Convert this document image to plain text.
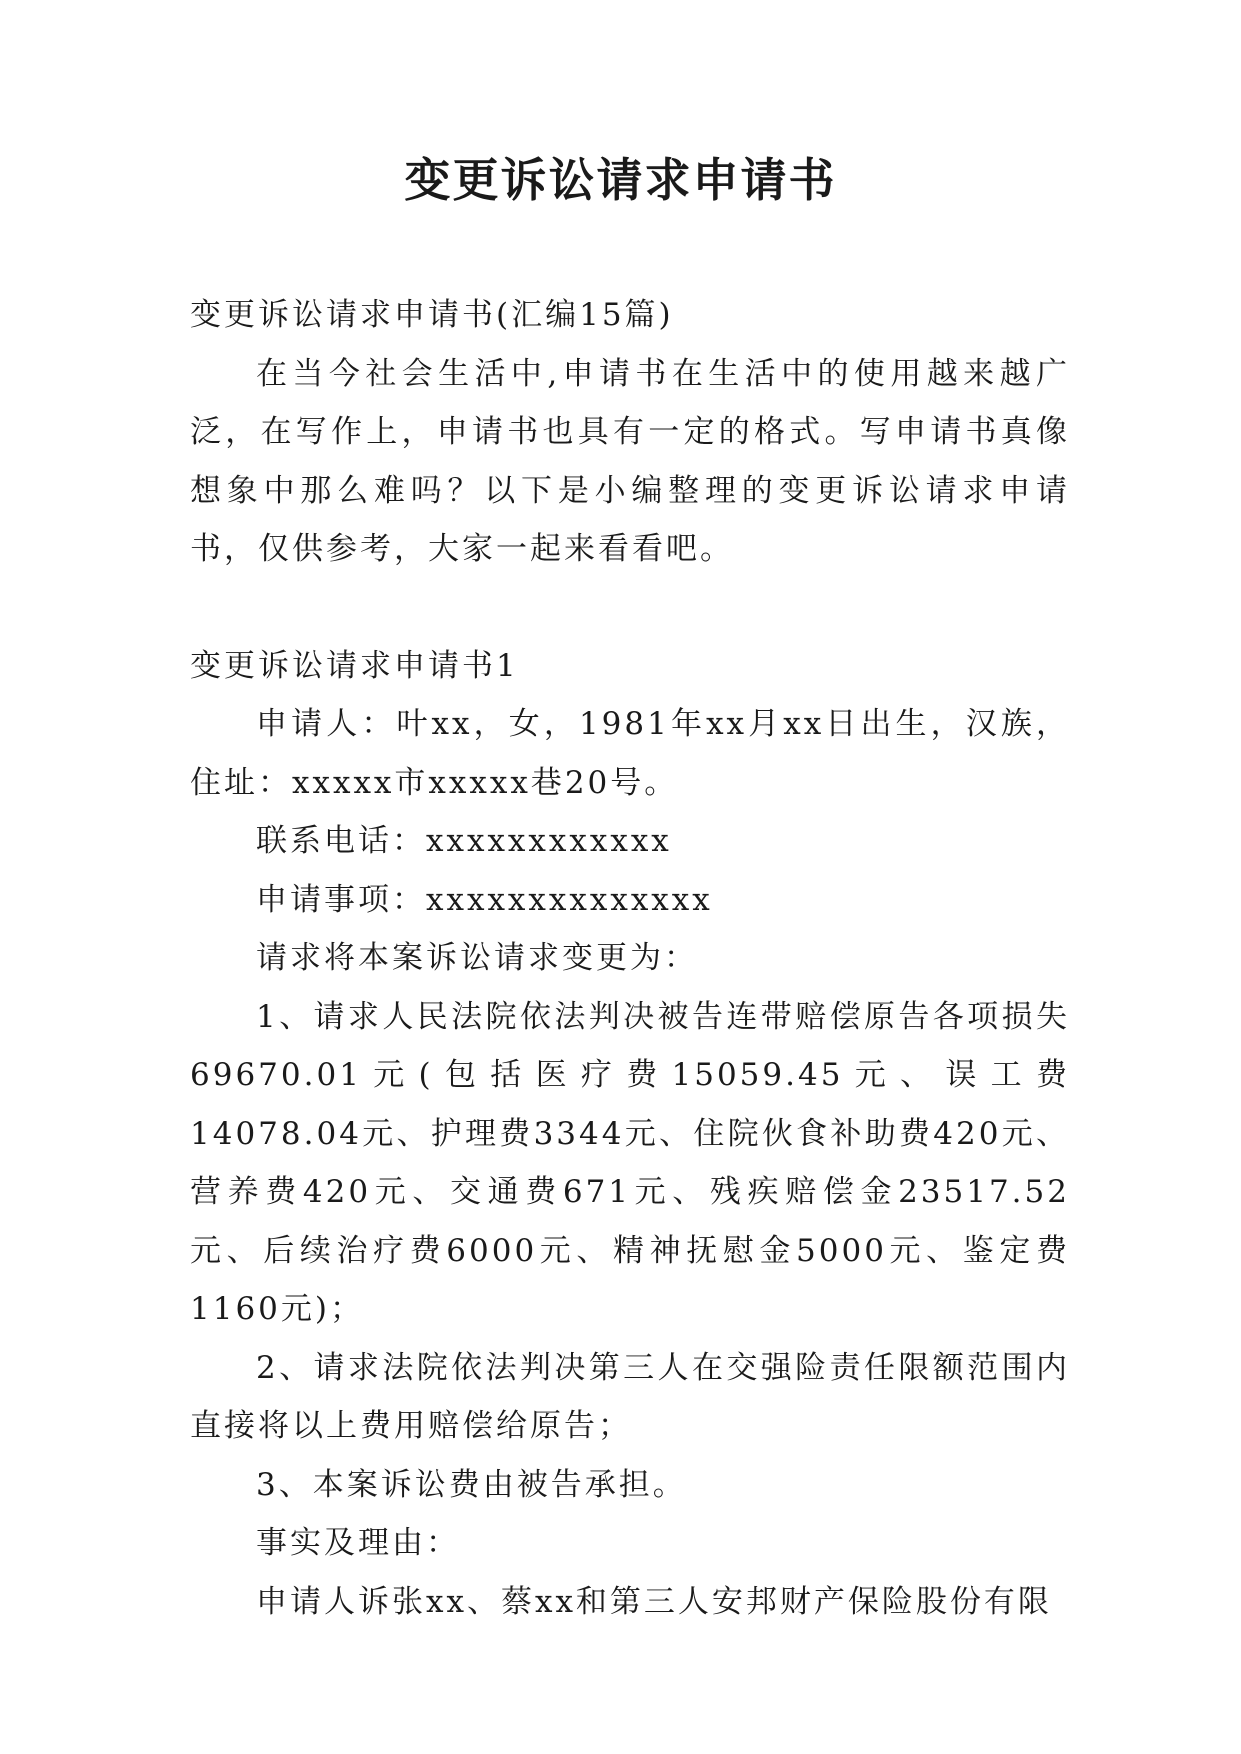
变更诉讼请求申请书

变更诉讼请求申请书(汇编15篇)

在当今社会生活中,申请书在生活中的使用越来越广泛，在写作上，申请书也具有一定的格式。写申请书真像想象中那么难吗？以下是小编整理的变更诉讼请求申请书，仅供参考，大家一起来看看吧。

变更诉讼请求申请书1

申请人：叶xx，女，1981年xx月xx日出生，汉族，住址：xxxxx市xxxxx巷20号。

联系电话：xxxxxxxxxxxx

申请事项：xxxxxxxxxxxxxx

请求将本案诉讼请求变更为：

1、请求人民法院依法判决被告连带赔偿原告各项损失69670.01元(包括医疗费15059.45元、误工费14078.04元、护理费3344元、住院伙食补助费420元、营养费420元、交通费671元、残疾赔偿金23517.52元、后续治疗费6000元、精神抚慰金5000元、鉴定费1160元)；

2、请求法院依法判决第三人在交强险责任限额范围内直接将以上费用赔偿给原告；

3、本案诉讼费由被告承担。

事实及理由：

申请人诉张xx、蔡xx和第三人安邦财产保险股份有限
